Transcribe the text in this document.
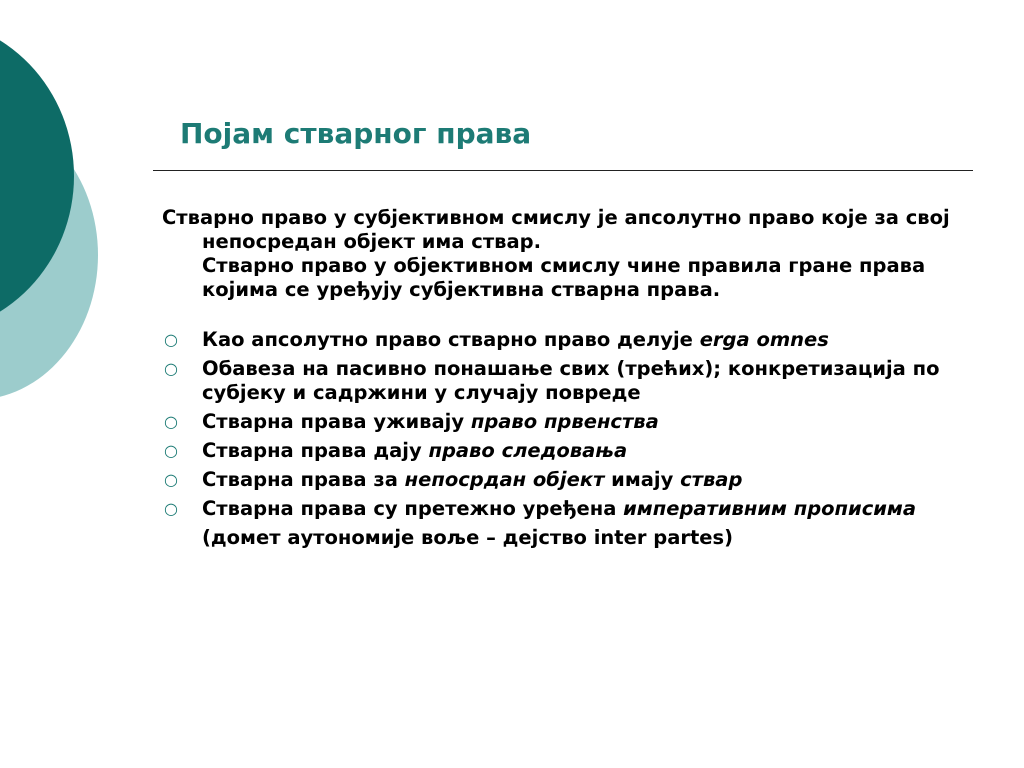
Појам стварног права

Стварно право у субјективном смислу је апсолутно право које за свој непосредан објект има ствар.
Стварно право у објективном смислу чине правила гране права којима се уређују субјективна стварна права.

○ Као апсолутно право стварно право делује erga omnes
○ Обавеза на пасивно понашање свих (трећих); конкретизација по субјеку и садржини у случају повреде
○ Стварна права уживају право првенства
○ Стварна права дају право следовања
○ Стварна права за непосрдан објект имају ствар
○ Стварна права су претежно уређена императивним прописима
(домет аутономије воље – дејство inter partes)
